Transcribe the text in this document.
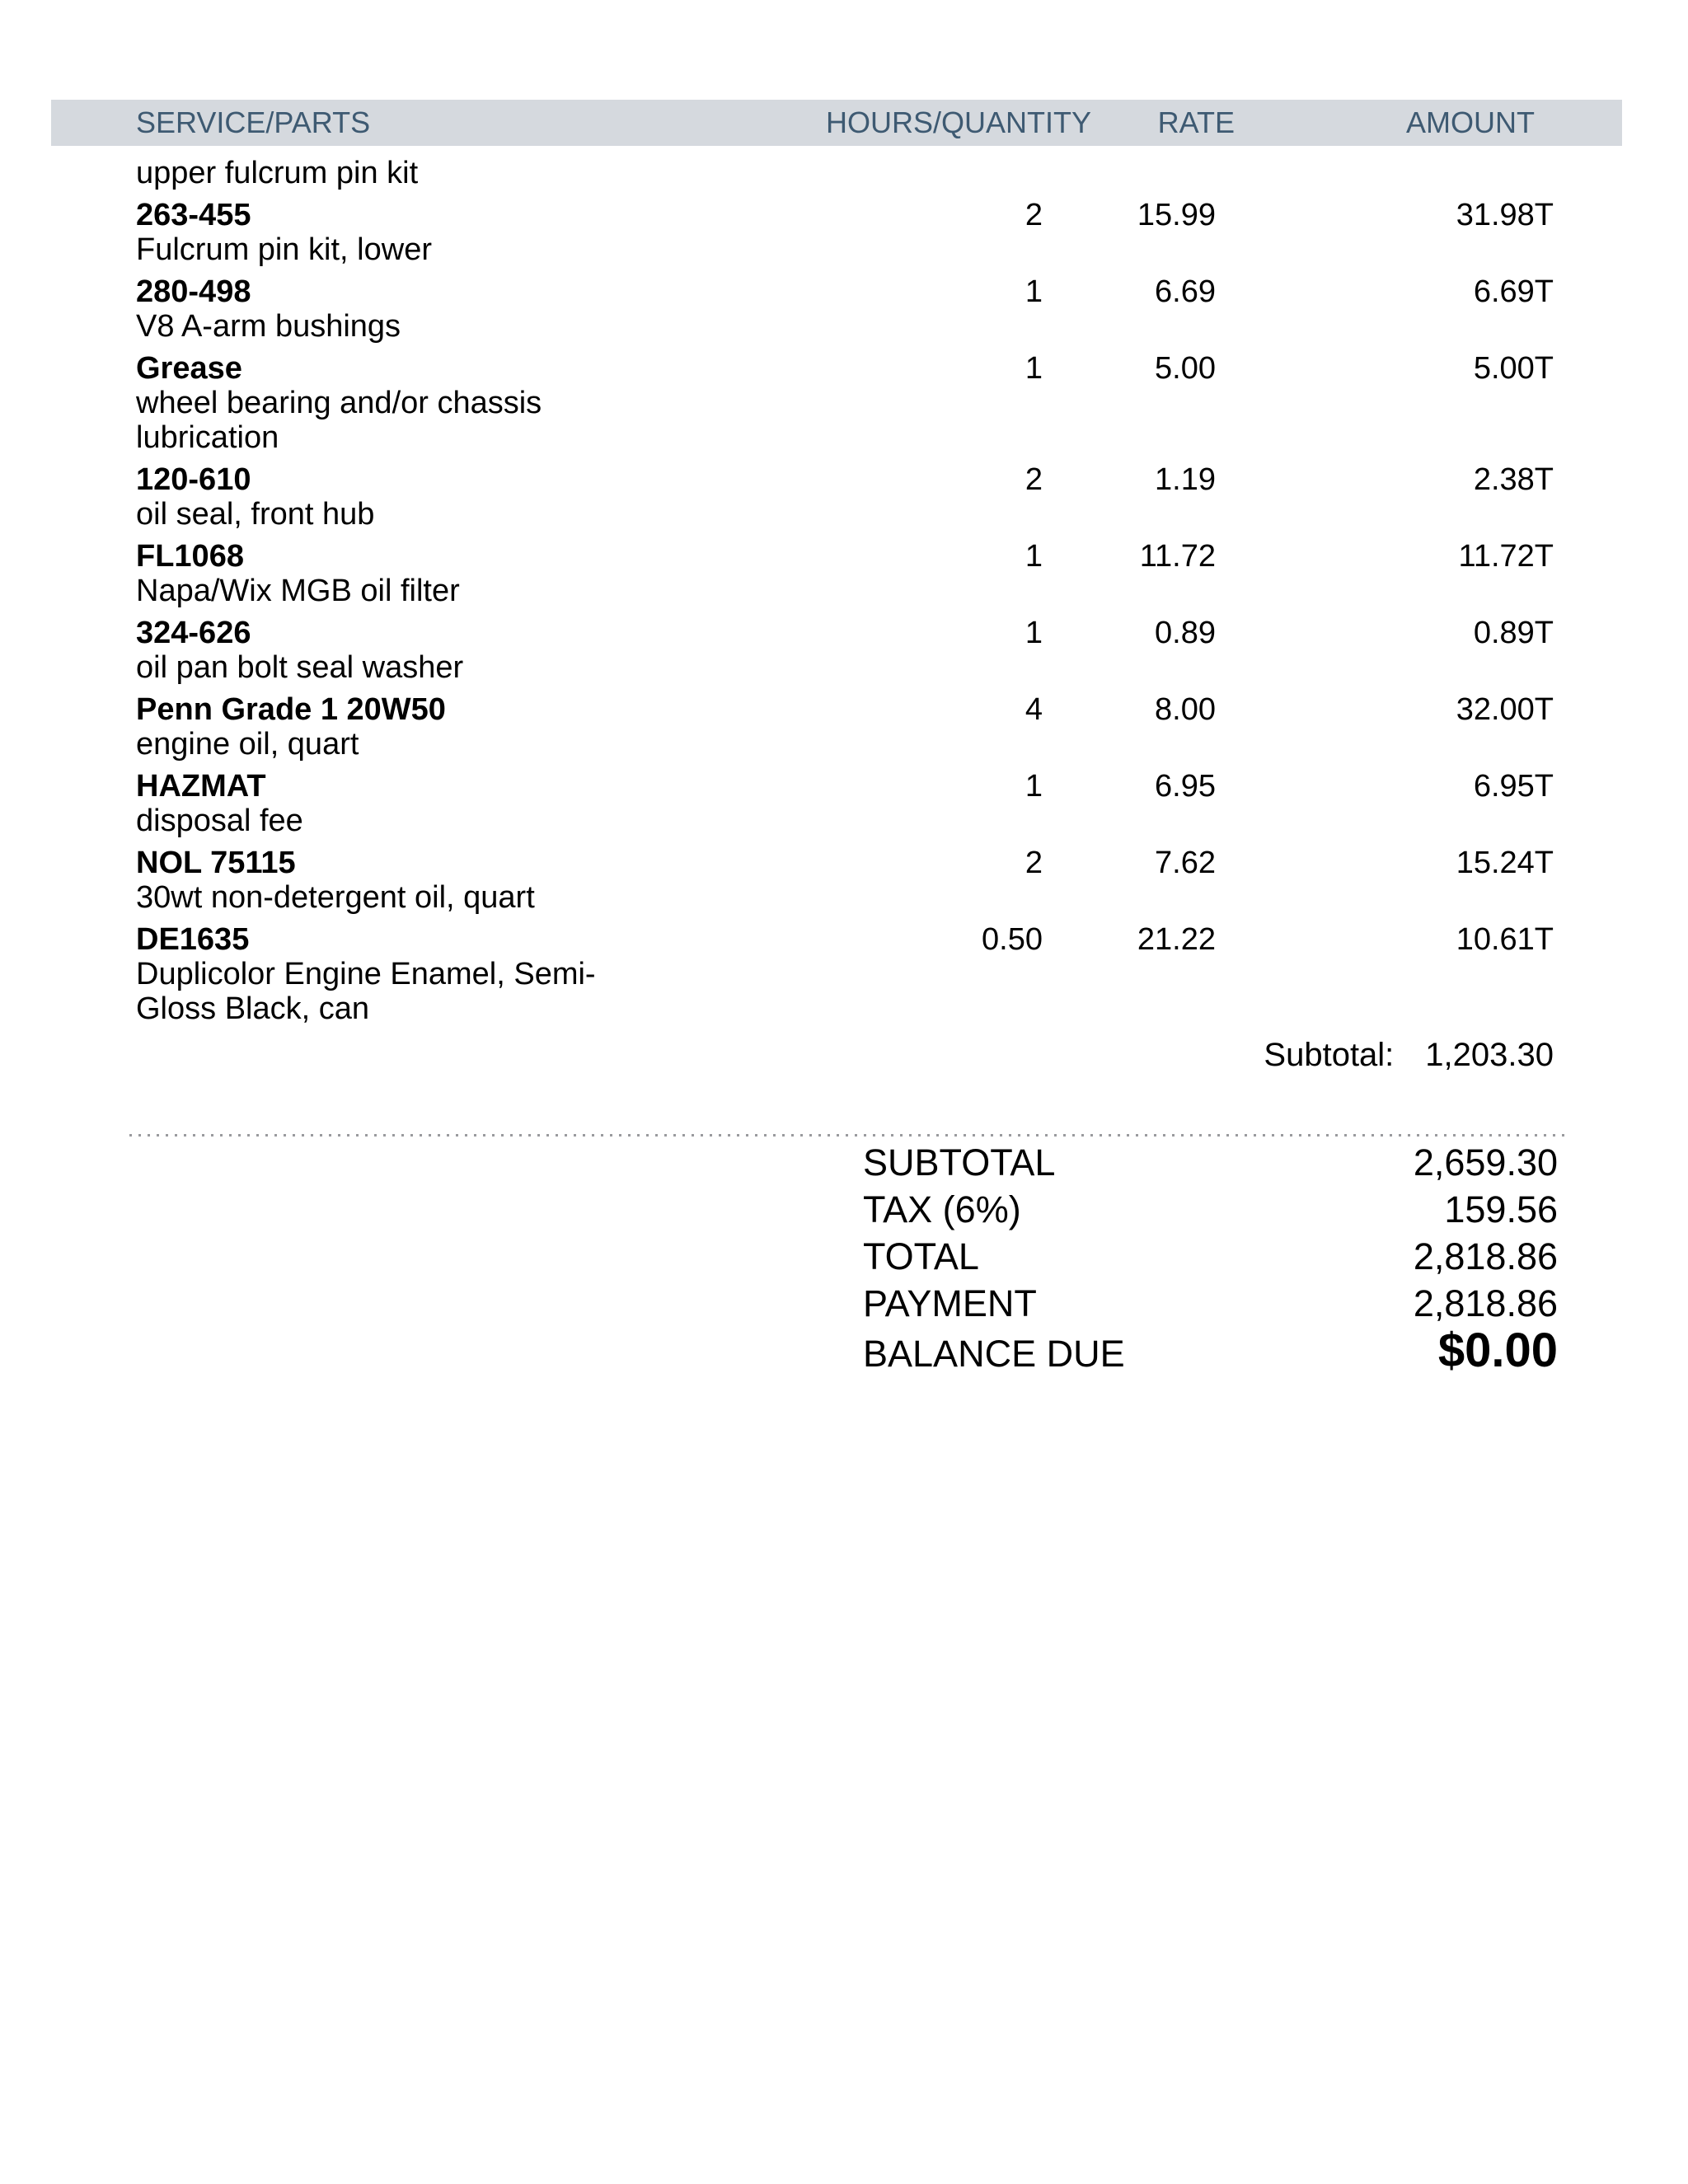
SERVICE/PARTS	HOURS/QUANTITY	RATE	AMOUNT
upper fulcrum pin kit
263-455
Fulcrum pin kit, lower
2	15.99	31.98T
280-498
V8 A-arm bushings
1	6.69	6.69T
Grease
wheel bearing and/or chassis lubrication
1	5.00	5.00T
120-610
oil seal, front hub
2	1.19	2.38T
FL1068
Napa/Wix MGB oil filter
1	11.72	11.72T
324-626
oil pan bolt seal washer
1	0.89	0.89T
Penn Grade 1 20W50
engine oil, quart
4	8.00	32.00T
HAZMAT
disposal fee
1	6.95	6.95T
NOL 75115
30wt non-detergent oil, quart
2	7.62	15.24T
DE1635
Duplicolor Engine Enamel, Semi-Gloss Black, can
0.50	21.22	10.61T
Subtotal: 1,203.30
SUBTOTAL	2,659.30
TAX (6%)	159.56
TOTAL	2,818.86
PAYMENT	2,818.86
BALANCE DUE	$0.00
